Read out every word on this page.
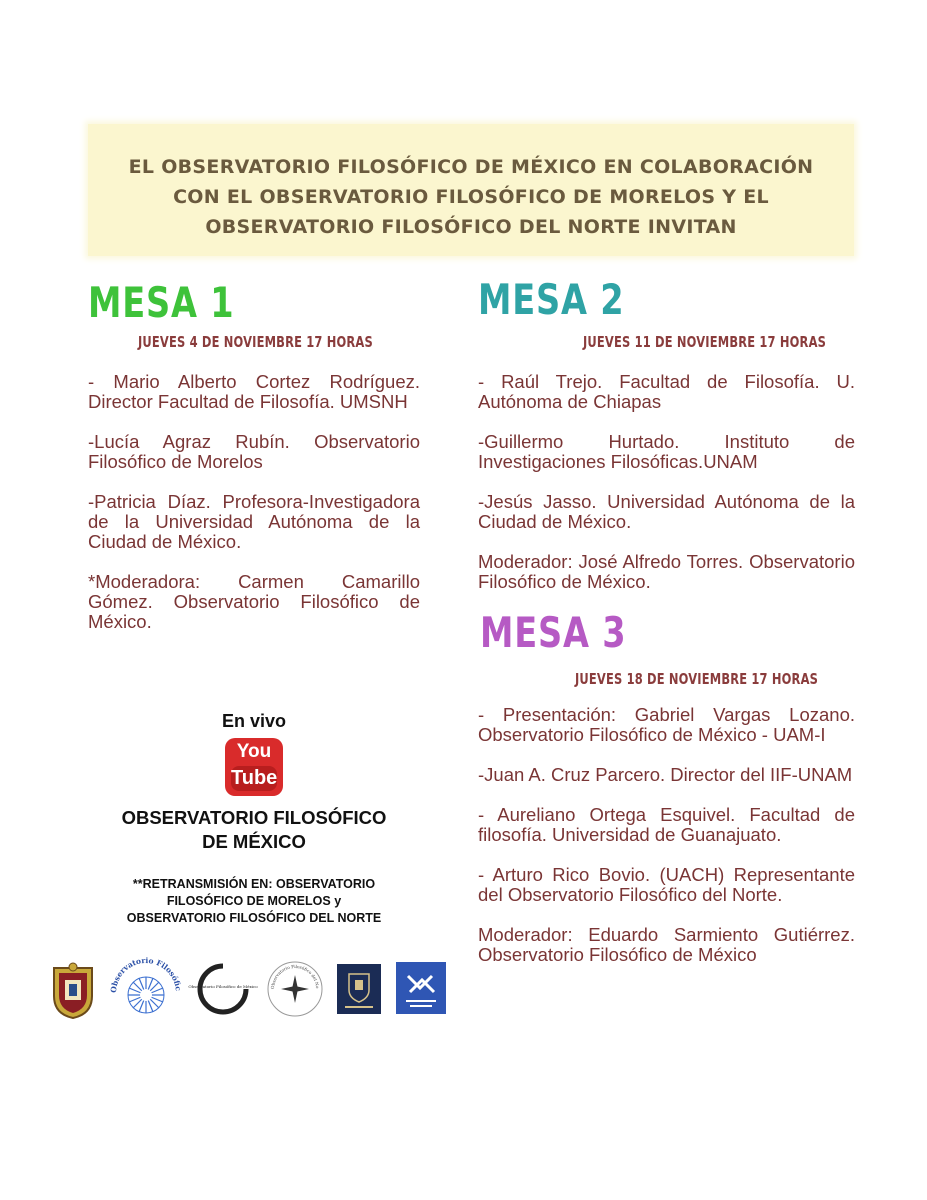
EL OBSERVATORIO FILOSÓFICO DE MÉXICO EN COLABORACIÓN CON EL OBSERVATORIO FILOSÓFICO DE MORELOS Y EL OBSERVATORIO FILOSÓFICO DEL NORTE INVITAN

MESA 1
JUEVES 4 DE NOVIEMBRE 17 HORAS

- Mario Alberto Cortez Rodríguez. Director Facultad de Filosofía. UMSNH

-Lucía Agraz Rubín. Observatorio Filosófico de Morelos

-Patricia Díaz. Profesora-Investigadora de la Universidad Autónoma de la Ciudad de México.

*Moderadora: Carmen Camarillo Gómez. Observatorio Filosófico de México.

MESA 2
JUEVES 11 DE NOVIEMBRE 17 HORAS

- Raúl Trejo. Facultad de Filosofía. U. Autónoma de Chiapas

-Guillermo Hurtado. Instituto de Investigaciones Filosóficas.UNAM

-Jesús Jasso. Universidad Autónoma de la Ciudad de México.

Moderador: José Alfredo Torres. Observatorio Filosófico de México.

MESA 3
JUEVES 18 DE NOVIEMBRE 17 HORAS

- Presentación: Gabriel Vargas Lozano. Observatorio Filosófico de México - UAM-I

-Juan A. Cruz Parcero. Director del IIF-UNAM

- Aureliano Ortega Esquivel. Facultad de filosofía. Universidad de Guanajuato.

- Arturo Rico Bovio. (UACH) Representante del Observatorio Filosófico del Norte.

Moderador: Eduardo Sarmiento Gutiérrez. Observatorio Filosófico de México

En vivo
You
Tube
OBSERVATORIO FILOSÓFICO
DE MÉXICO
**RETRANSMISIÓN EN: OBSERVATORIO
FILOSÓFICO DE MORELOS y
OBSERVATORIO FILOSÓFICO DEL NORTE
Observatorio Filosófico
Observatorio Filosófico de México	Observatorio Filosófico del No
